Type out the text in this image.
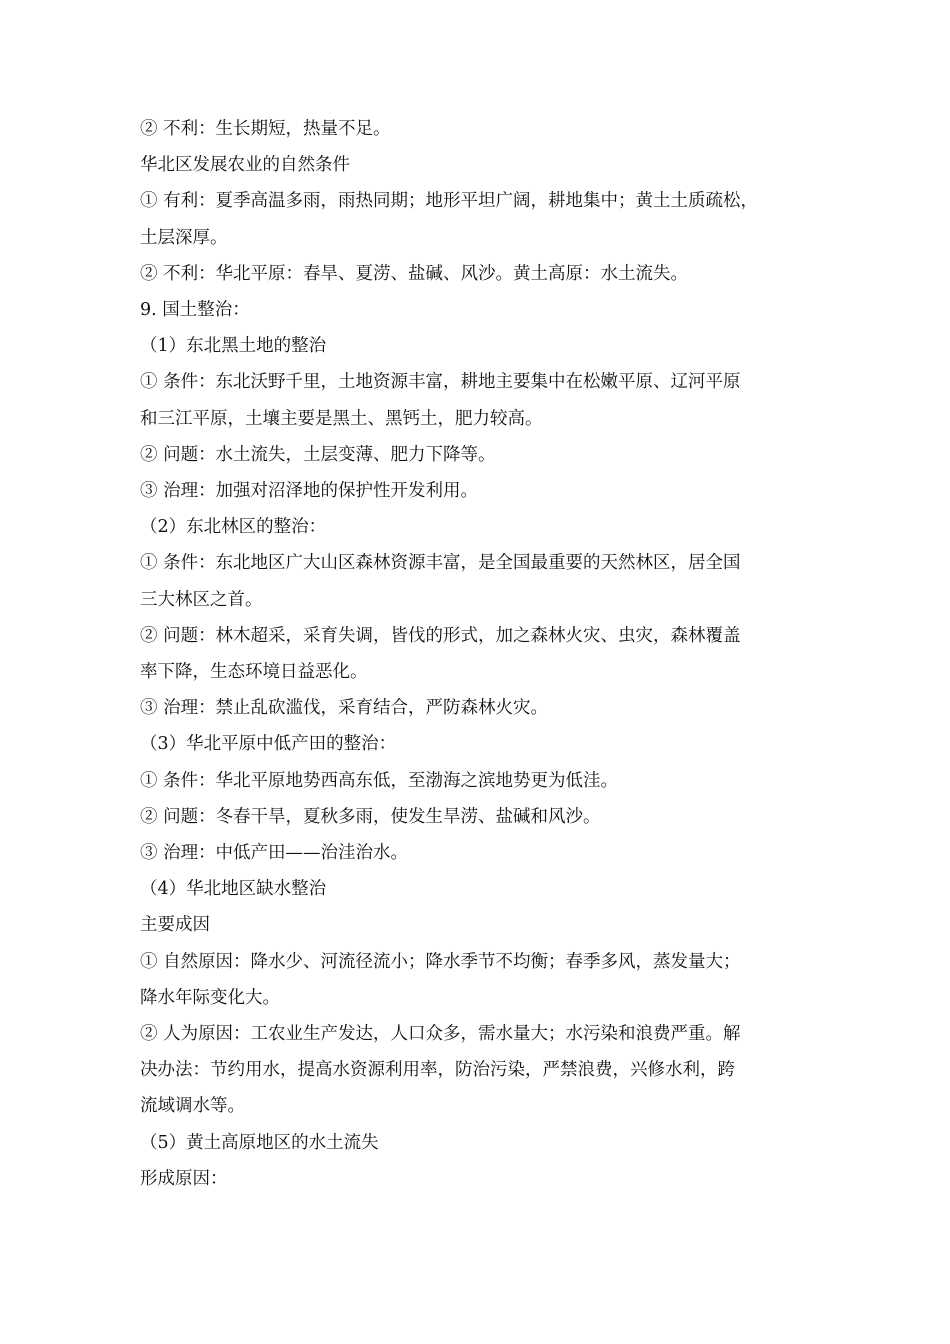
② 不利：生长期短，热量不足。
华北区发展农业的自然条件
① 有利：夏季高温多雨，雨热同期；地形平坦广阔，耕地集中；黄土土质疏松，
土层深厚。
② 不利：华北平原：春旱、夏涝、盐碱、风沙。黄土高原：水土流失。
9. 国土整治：
（1）东北黑土地的整治
① 条件：东北沃野千里，土地资源丰富，耕地主要集中在松嫩平原、辽河平原
和三江平原，土壤主要是黑土、黑钙土，肥力较高。
② 问题：水土流失，土层变薄、肥力下降等。
③ 治理：加强对沼泽地的保护性开发利用。
（2）东北林区的整治：
① 条件：东北地区广大山区森林资源丰富，是全国最重要的天然林区，居全国
三大林区之首。
② 问题：林木超采，采育失调，皆伐的形式，加之森林火灾、虫灾，森林覆盖
率下降，生态环境日益恶化。
③ 治理：禁止乱砍滥伐，采育结合，严防森林火灾。
（3）华北平原中低产田的整治：
① 条件：华北平原地势西高东低，至渤海之滨地势更为低洼。
② 问题：冬春干旱，夏秋多雨，使发生旱涝、盐碱和风沙。
③ 治理：中低产田——治洼治水。
（4）华北地区缺水整治
主要成因
① 自然原因：降水少、河流径流小；降水季节不均衡；春季多风，蒸发量大；
降水年际变化大。
② 人为原因：工农业生产发达，人口众多，需水量大；水污染和浪费严重。解
决办法：节约用水，提高水资源利用率，防治污染，严禁浪费，兴修水利，跨
流域调水等。
（5）黄土高原地区的水土流失
形成原因：
